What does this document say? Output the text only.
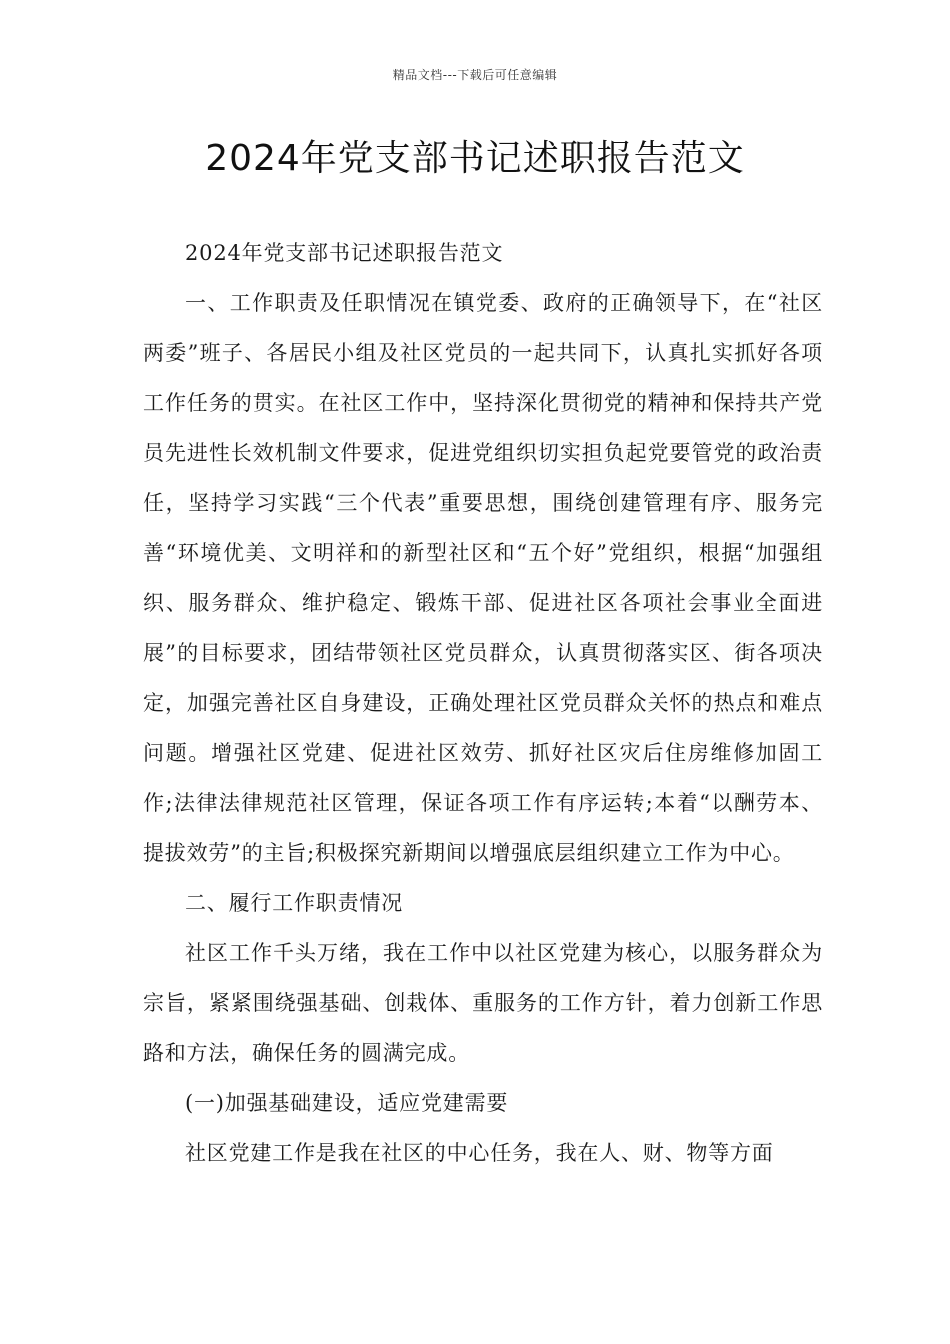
精品文档---下载后可任意编辑
2024年党支部书记述职报告范文

2024年党支部书记述职报告范文

一、工作职责及任职情况在镇党委、政府的正确领导下，在“社区两委”班子、各居民小组及社区党员的一起共同下，认真扎实抓好各项工作任务的贯实。在社区工作中，坚持深化贯彻党的精神和保持共产党员先进性长效机制文件要求，促进党组织切实担负起党要管党的政治责任，坚持学习实践“三个代表”重要思想，围绕创建管理有序、服务完善“环境优美、文明祥和的新型社区和“五个好”党组织，根据“加强组织、服务群众、维护稳定、锻炼干部、促进社区各项社会事业全面进展”的目标要求，团结带领社区党员群众，认真贯彻落实区、街各项决定，加强完善社区自身建设，正确处理社区党员群众关怀的热点和难点问题。增强社区党建、促进社区效劳、抓好社区灾后住房维修加固工作;法律法律规范社区管理，保证各项工作有序运转;本着“以酬劳本、提拔效劳”的主旨;积极探究新期间以增强底层组织建立工作为中心。

二、履行工作职责情况

社区工作千头万绪，我在工作中以社区党建为核心，以服务群众为宗旨，紧紧围绕强基础、创栽体、重服务的工作方针，着力创新工作思路和方法，确保任务的圆满完成。

(一)加强基础建设，适应党建需要

社区党建工作是我在社区的中心任务，我在人、财、物等方面
